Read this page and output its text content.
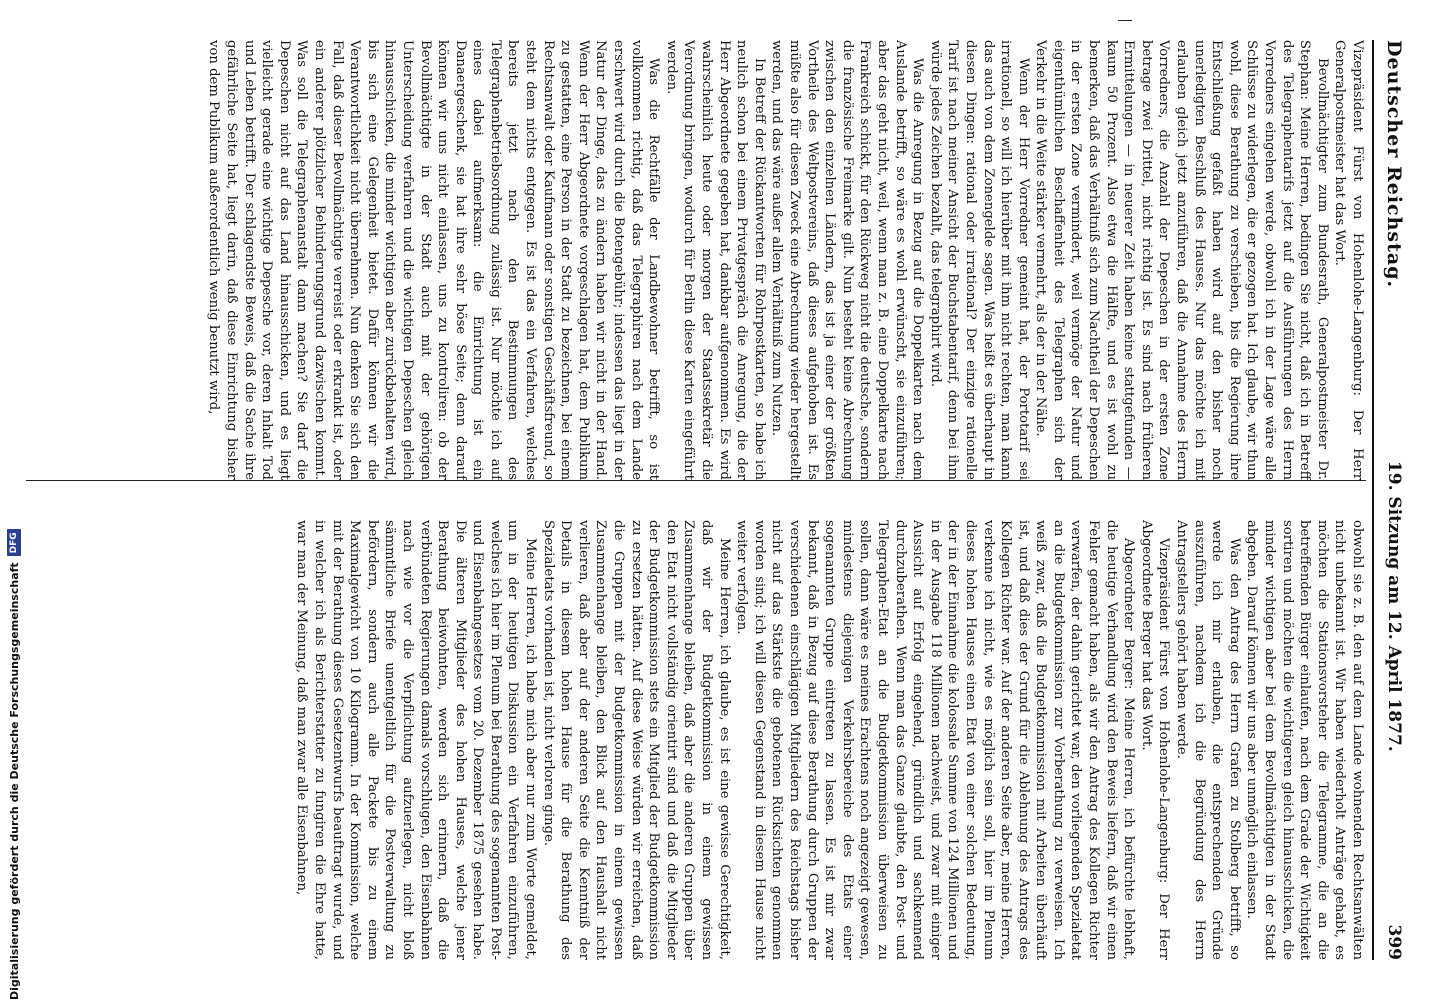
Deutscher Reichstag.
19. Sitzung am 12. April 1877.
399

Vizepräsident Fürst von Hohenlohe-Langenburg: Der Herr Generalpostmeister hat das Wort.

Bevollmächtigter zum Bundesrath, Generalpostmeister Dr. Stephan: Meine Herren, bedingen Sie nicht, daß ich in Betreff des Telegraphentarifs jetzt auf die Ausführungen des Herrn Vorredners eingehen werde, obwohl ich in der Lage wäre alle Schlüsse zu widerlegen, die er gezogen hat. Ich glaube, wir thun wohl, diese Berathung zu verschieben, bis die Regierung ihre Entschließung gefaßt haben wird auf den bisher noch unerledigten Beschluß des Hauses. Nur das möchte ich mit erlauben gleich jetzt anzuführen, daß die Annahme des Herrn Vorredners, die Anzahl der Depeschen in der ersten Zone betrage zwei Drittel, nicht richtig ist. Es sind nach früheren Ermittelungen — in neuerer Zeit haben keine stattgefunden — kaum 50 Prozent. Also etwa die Hälfte, und es ist wohl zu bemerken, daß das Verhältniß sich zum Nachtheil der Depeschen in der ersten Zone vermindert, weil vermöge der Natur und eigenthümlichen Beschaffenheit des Telegraphen sich der Verkehr in die Weite stärker vermehrt, als der in der Nähe.

Wenn der Herr Vorredner gemeint hat, der Portotarif sei irrationell, so will ich hierüber mit ihm nicht rechten, man kann das auch von dem Zonengelde sagen. Was heißt es überhaupt in diesen Dingen: rational oder irrational? Der einzige rationelle Tarif ist nach meiner Ansicht der Buchstabentarif, denn bei ihm würde jedes Zeichen bezahlt, das telegraphirt wird.

Was die Anregung in Bezug auf die Doppelkarten nach dem Auslande betrifft, so wäre es wohl erwünscht, sie einzuführen; aber das geht nicht, weil, wenn man z. B. eine Doppelkarte nach Frankreich schickt, für den Rückweg nicht die deutsche, sondern die französische Freimarke gilt. Nun besteht keine Abrechnung zwischen den einzelnen Ländern, das ist ja einer der größten Vortheile des Weltpostvereins, daß dieses aufgehoben ist. Es müßte also für diesen Zweck eine Abrechnung wieder hergestellt werden, und das wäre außer allem Verhältniß zum Nutzen.

In Betreff der Rückantworten für Rohrpostkarten, so habe ich neulich schon bei einem Privatgespräch die Anregung, die der Herr Abgeordnete gegeben hat, dankbar aufgenommen. Es wird wahrscheinlich heute oder morgen der Staatssekretär die Verordnung bringen, wodurch für Berlin diese Karten eingeführt werden.

Was die Rechtfälle der Landbewohner betrifft, so ist vollkommen richtig, daß das Telegraphiren nach dem Lande erschwert wird durch die Botengebühr; indessen das liegt in der Natur der Dinge, das zu ändern haben wir nicht in der Hand. Wenn der Herr Abgeordnete vorgeschlagen hat, dem Publikum zu gestatten, eine Person in der Stadt zu bezeichnen, bei einem Rechtsanwalt oder Kaufmann oder sonstigen Geschäftsfreund, so steht dem nichts entgegen. Es ist das ein Verfahren, welches bereits jetzt nach den Bestimmungen des Telegraphenbetriebsordnung zulässig ist. Nur möchte ich auf eines dabei aufmerksam: die Einrichtung ist ein Danaergeschenk, sie hat ihre sehr böse Seite; denn darauf können wir uns nicht einlassen, uns zu kontroliren: ob der Bevollmächtigte in der Stadt auch mit der gehörigen Unterscheidung verfahren und die wichtigen Depeschen gleich hinausschicken, die minder wichtigen aber zurückbehalten wird, bis sich eine Gelegenheit bietet. Dafür können wir die Verantwortlichkeit nicht übernehmen. Nun denken Sie sich den Fall, daß dieser Bevollmächtigte verreist oder erkrankt ist, oder ein anderer plötzlicher Behinderungsgrund dazwischen kommt. Was soll die Telegraphenanstalt dann machen? Sie darf die Depeschen nicht auf das Land hinausschicken, und es liegt vielleicht gerade eine wichtige Depesche vor, deren Inhalt Tod und Leben betrifft. Der schlagendste Beweis, daß die Sache ihre gefährliche Seite hat, liegt darin, daß diese Einrichtung bisher von dem Publikum außerordentlich wenig benutzt wird,

obwohl sie z. B. den auf dem Lande wohnenden Rechtsanwälten nicht unbekannt ist. Wir haben wiederholt Anträge gehabt, es möchten die Stationsvorsteher die Telegramme, die an die betreffenden Bürger einlaufen, nach dem Grade der Wichtigkeit sortiren und möchten die wichtigeren gleich hinausschicken, die minder wichtigen aber bei dem Bevollmächtigten in der Stadt abgeben. Darauf können wir uns aber unmöglich einlassen.

Was den Antrag des Herrn Grafen zu Stolberg betrifft, so werde ich mir erlauben, die entsprechenden Gründe auszuführen, nachdem ich die Begründung des Herrn Antragstellers gehört haben werde.

Vizepräsident Fürst von Hohenlohe-Langenburg: Der Herr Abgeordnete Berger hat das Wort.

Abgeordneter Berger: Meine Herren, ich befürchte lebhaft, die heutige Verhandlung wird den Beweis liefern, daß wir einen Fehler gemacht haben, als wir den Antrag des Kollegen Richter verwarfen, der dahin gerichtet war, den vorliegenden Spezialetat an die Budgetkommission zur Vorberathung zu verweisen. Ich weiß zwar, daß die Budgetkommission mit Arbeiten überhäuft ist, und daß dies der Grund für die Ablehnung des Antrags des Kollegen Richter war. Auf der anderen Seite aber, meine Herren, verkenne ich nicht, wie es möglich sein soll, hier im Plenum dieses hohen Hauses einen Etat von einer solchen Bedeutung, der in der Einnahme die kolossale Summe von 124 Millionen und in der Ausgabe 118 Millionen nachweist, und zwar mit einiger Aussicht auf Erfolg eingehend, gründlich und sachkennend durchzuberathen. Wenn man das Ganze glaubte, den Post- und Telegraphen-Etat an die Budgetkommission überweisen zu sollen, dann wäre es meines Erachtens noch angezeigt gewesen, mindestens diejenigen Verkehrsbereiche des Etats einer sogenannten Gruppe eintreten zu lassen. Es ist mir zwar bekannt, daß in Bezug auf diese Berathung durch Gruppen der verschiedenen einschlägigen Mitgliedern des Reichstags bisher nicht auf das Stärkste die gebotenen Rücksichten genommen worden sind; ich will diesen Gegenstand in diesem Hause nicht weiter verfolgen.

Meine Herren, ich glaube, es ist eine gewisse Gerechtigkeit, daß wir der Budgetkommission in einem gewissen Zusammenhange bleiben, daß aber die anderen Gruppen über den Etat nicht vollständig orientirt sind und daß die Mitglieder der Budgetkommission stets ein Mitglied der Budgetkommission zu ersetzen hätten. Auf diese Weise würden wir erreichen, daß die Gruppen mit der Budgetkommission in einem gewissen Zusammenhange bleiben, den Blick auf den Haushalt nicht verlieren, daß aber auf der anderen Seite die Kenntniß der Details in diesem hohen Hause für die Berathung des Spezialetats vorhanden ist, nicht verloren ginge.

Meine Herren, ich habe mich aber nur zum Worte gemeldet, um in der heutigen Diskussion ein Verfahren einzuführen, welches ich hier im Plenum bei Berathung des sogenannten Post- und Eisenbahngesetzes vom 20. Dezember 1875 gesehen habe. Die älteren Mitglieder des hohen Hauses, welche jener Berathung beiwohnten, werden sich erinnern, daß die verbündeten Regierungen damals vorschlugen, den Eisenbahnen nach wie vor die Verpflichtung aufzuerlegen, nicht bloß sämmtliche Briefe unentgeltlich für die Postverwaltung zu befördern, sondern auch alle Packete bis zu einem Maximalgewicht von 10 Kilogramm. In der Kommission, welche mit der Berathung dieses Gesetzentwurfs beauftragt wurde, und in welcher ich als Berichterstatter zu fungiren die Ehre hatte, war man der Meinung, daß man zwar alle Eisenbahnen,

Digitalisierung gefördert durch die Deutsche Forschungsgemeinschaft
DFG
